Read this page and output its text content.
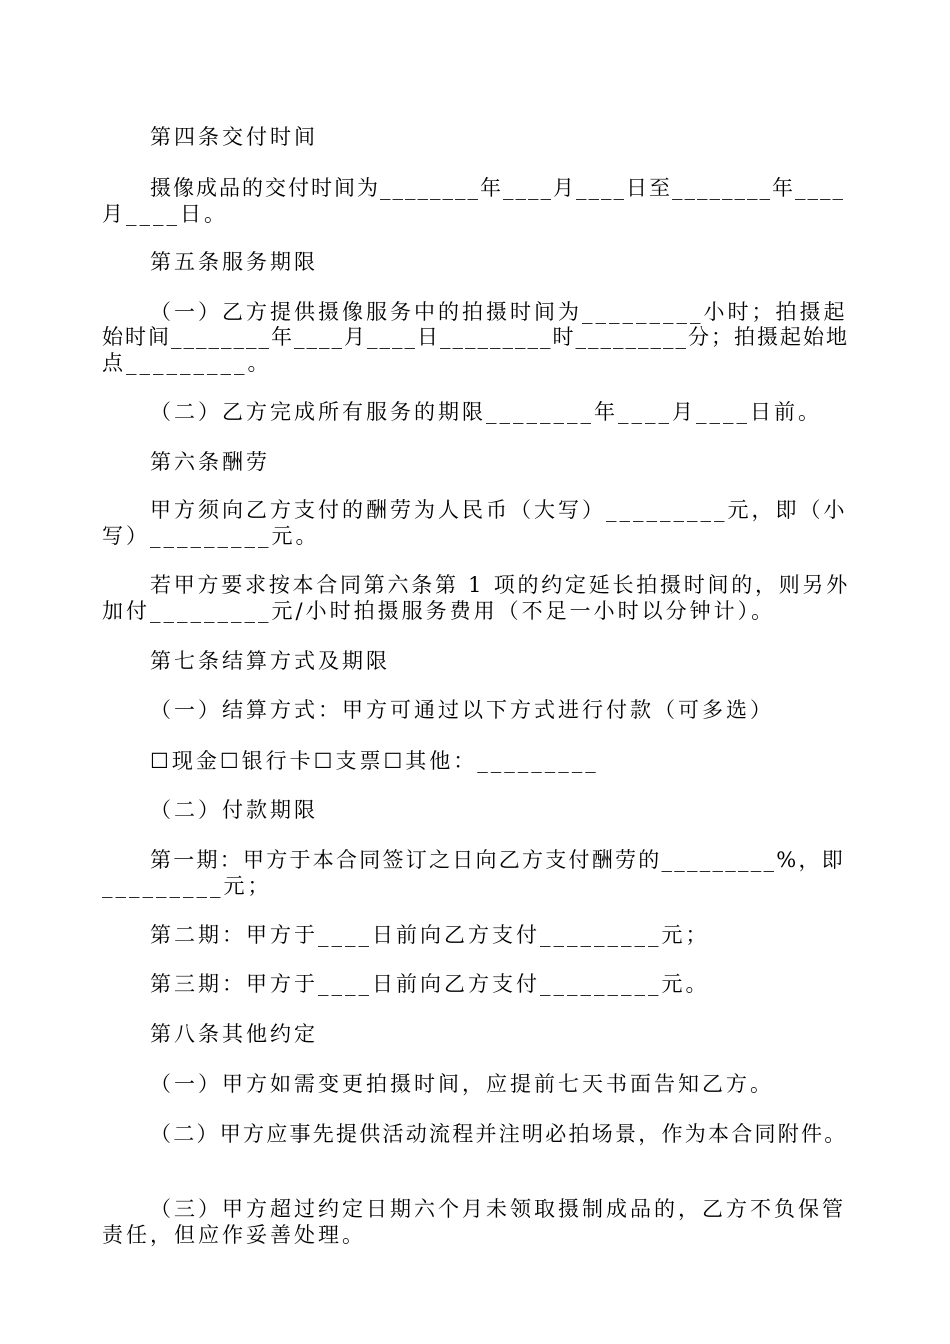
第四条交付时间
摄像成品的交付时间为________年____月____日至________年____
月____日。
第五条服务期限
（一）乙方提供摄像服务中的拍摄时间为_________小时；拍摄起
始时间________年____月____日_________时_________分；拍摄起始地
点_________。
（二）乙方完成所有服务的期限________年____月____日前。
第六条酬劳
甲方须向乙方支付的酬劳为人民币（大写）_________元，即（小
写）_________元。
若甲方要求按本合同第六条第 1 项的约定延长拍摄时间的，则另外
加付_________元/小时拍摄服务费用（不足一小时以分钟计）。
第七条结算方式及期限
（一）结算方式：甲方可通过以下方式进行付款（可多选）
☐现金☐银行卡☐支票☐其他：_________
（二）付款期限
第一期：甲方于本合同签订之日向乙方支付酬劳的_________%，即
_________元；
第二期：甲方于____日前向乙方支付_________元；
第三期：甲方于____日前向乙方支付_________元。
第八条其他约定
（一）甲方如需变更拍摄时间，应提前七天书面告知乙方。
（二）甲方应事先提供活动流程并注明必拍场景，作为本合同附件。
（三）甲方超过约定日期六个月未领取摄制成品的，乙方不负保管
责任，但应作妥善处理。
